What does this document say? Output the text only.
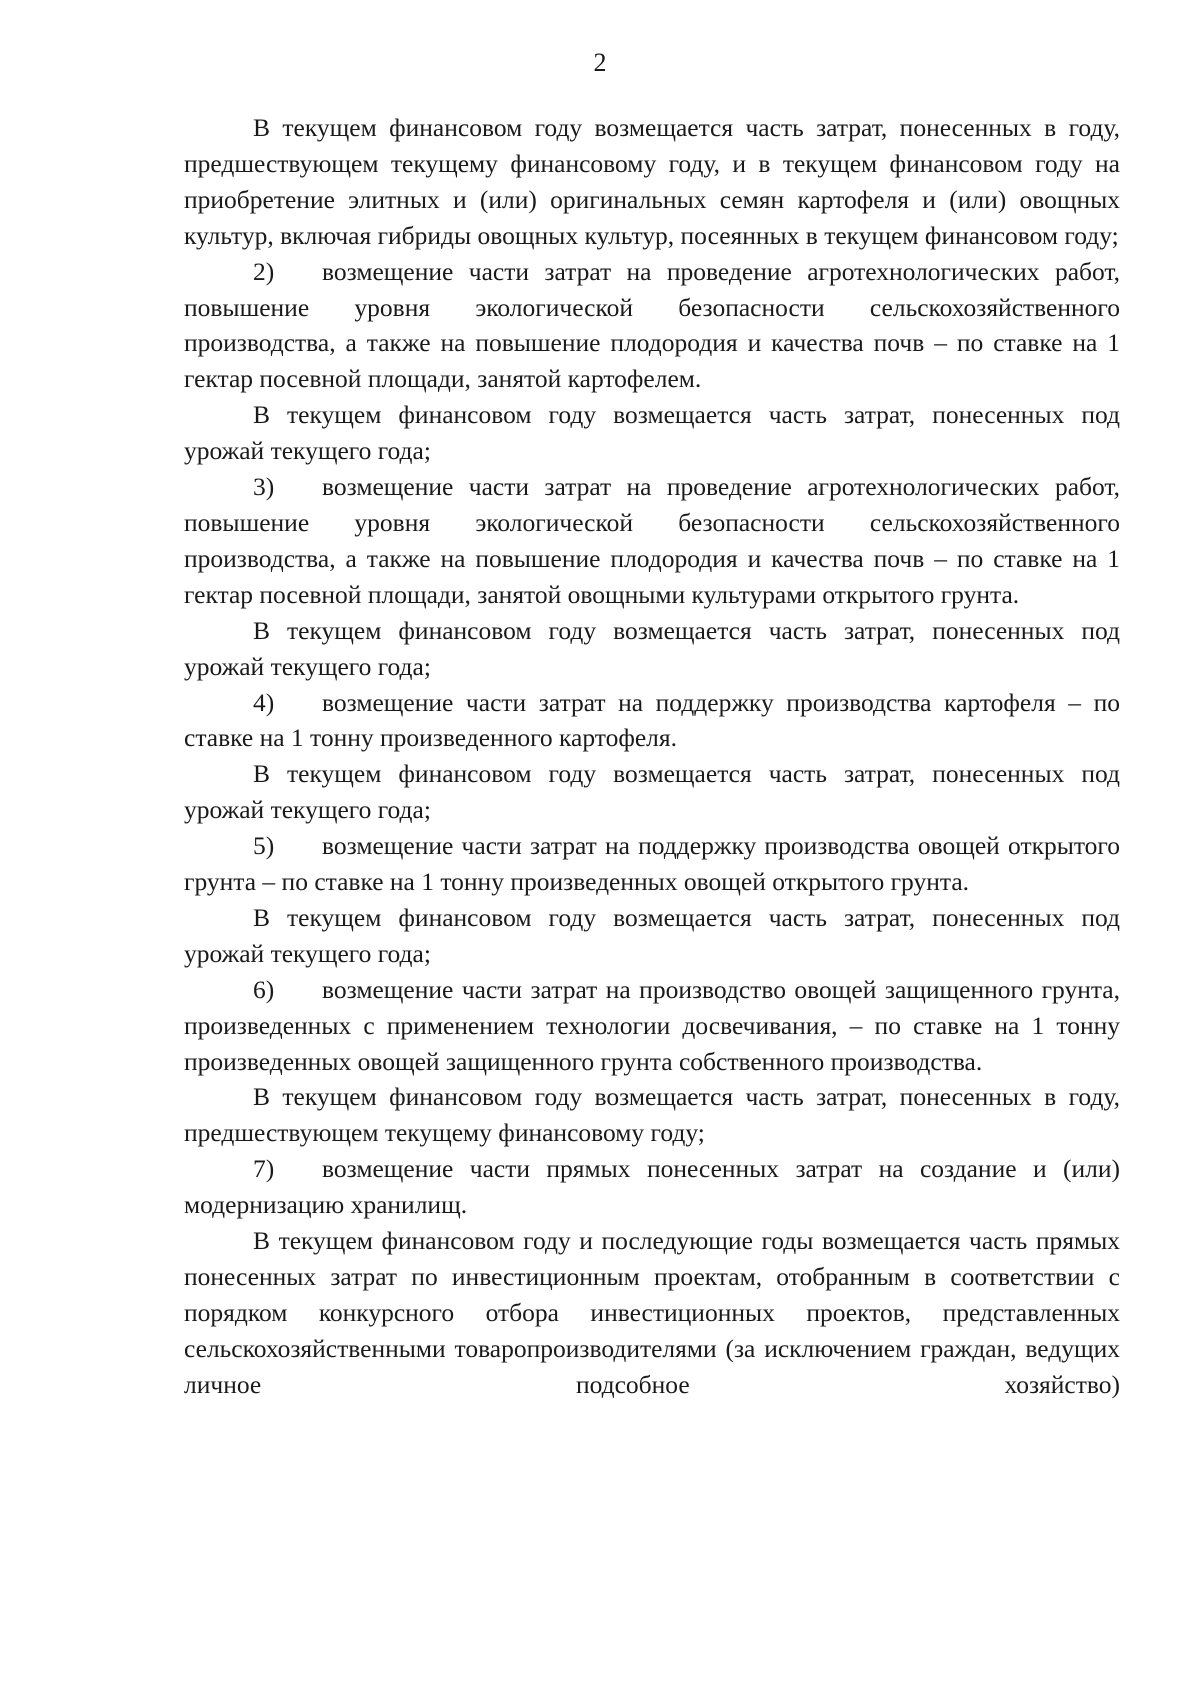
2

В текущем финансовом году возмещается часть затрат, понесенных в году, предшествующем текущему финансовому году, и в текущем финансовом году на приобретение элитных и (или) оригинальных семян картофеля и (или) овощных культур, включая гибриды овощных культур, посеянных в текущем финансовом году;

2) возмещение части затрат на проведение агротехнологических работ, повышение уровня экологической безопасности сельскохозяйственного производства, а также на повышение плодородия и качества почв – по ставке на 1 гектар посевной площади, занятой картофелем.

В текущем финансовом году возмещается часть затрат, понесенных под урожай текущего года;

3) возмещение части затрат на проведение агротехнологических работ, повышение уровня экологической безопасности сельскохозяйственного производства, а также на повышение плодородия и качества почв – по ставке на 1 гектар посевной площади, занятой овощными культурами открытого грунта.

В текущем финансовом году возмещается часть затрат, понесенных под урожай текущего года;

4) возмещение части затрат на поддержку производства картофеля – по ставке на 1 тонну произведенного картофеля.

В текущем финансовом году возмещается часть затрат, понесенных под урожай текущего года;

5) возмещение части затрат на поддержку производства овощей открытого грунта – по ставке на 1 тонну произведенных овощей открытого грунта.

В текущем финансовом году возмещается часть затрат, понесенных под урожай текущего года;

6) возмещение части затрат на производство овощей защищенного грунта, произведенных с применением технологии досвечивания, – по ставке на 1 тонну произведенных овощей защищенного грунта собственного производства.

В текущем финансовом году возмещается часть затрат, понесенных в году, предшествующем текущему финансовому году;

7) возмещение части прямых понесенных затрат на создание и (или) модернизацию хранилищ.

В текущем финансовом году и последующие годы возмещается часть прямых понесенных затрат по инвестиционным проектам, отобранным в соответствии с порядком конкурсного отбора инвестиционных проектов, представленных сельскохозяйственными товаропроизводителями (за исключением граждан, ведущих личное подсобное хозяйство)
